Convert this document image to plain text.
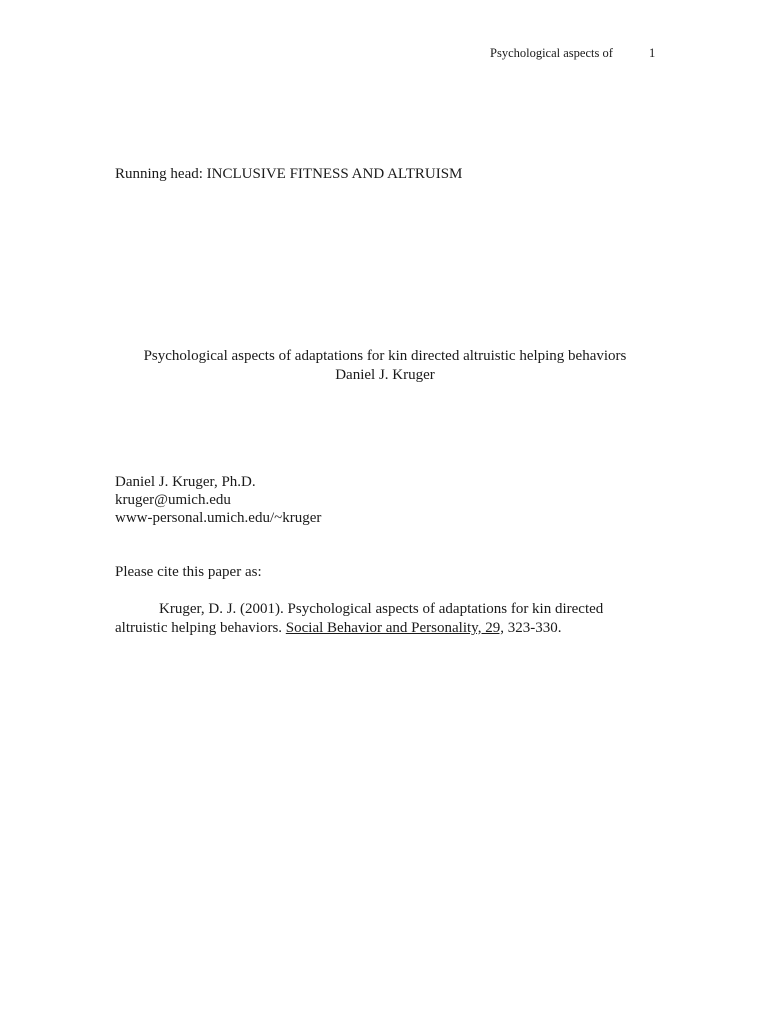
Psychological aspects of	1
Running head: INCLUSIVE FITNESS AND ALTRUISM
Psychological aspects of adaptations for kin directed altruistic helping behaviors
Daniel J. Kruger
Daniel J. Kruger, Ph.D.
kruger@umich.edu
www-personal.umich.edu/~kruger
Please cite this paper as:
Kruger, D. J. (2001). Psychological aspects of adaptations for kin directed
altruistic helping behaviors. Social Behavior and Personality, 29, 323-330.
